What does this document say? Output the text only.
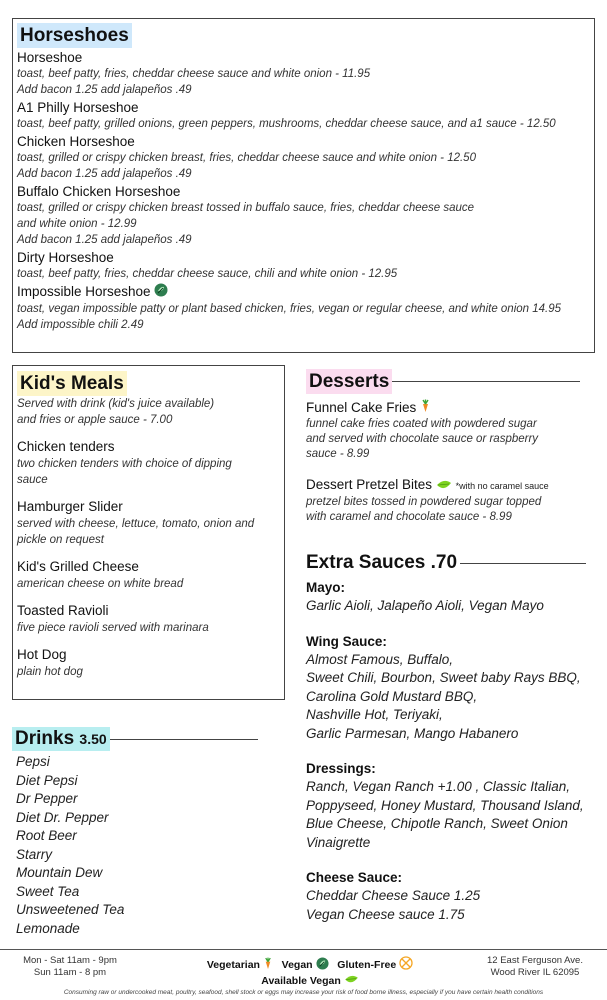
Horseshoes
Horseshoe
toast, beef patty, fries, cheddar cheese sauce and white onion - 11.95
Add bacon 1.25 add jalapeños .49
A1 Philly Horseshoe
toast, beef patty, grilled onions, green peppers, mushrooms, cheddar cheese sauce, and a1 sauce - 12.50
Chicken Horseshoe
toast, grilled or crispy chicken breast, fries, cheddar cheese sauce and white onion - 12.50
Add bacon 1.25 add jalapeños .49
Buffalo Chicken Horseshoe
toast, grilled or crispy chicken breast tossed in buffalo sauce, fries, cheddar cheese sauce
and white onion - 12.99
Add bacon 1.25 add jalapeños .49
Dirty Horseshoe
toast, beef patty, fries, cheddar cheese sauce, chili and white onion - 12.95
Impossible Horseshoe
toast, vegan impossible patty or plant based chicken, fries, vegan or regular cheese, and white onion 14.95
Add impossible chili 2.49
Kid's Meals
Served with drink (kid's juice available)
and fries or apple sauce - 7.00
Chicken tenders
two chicken tenders with choice of dipping
sauce
Hamburger Slider
served with cheese, lettuce, tomato, onion and
pickle on request
Kid's Grilled Cheese
american cheese on white bread
Toasted Ravioli
five piece ravioli served with marinara
Hot Dog
plain hot dog
Desserts
Funnel Cake Fries
funnel cake fries coated with powdered sugar
and served with chocolate sauce or raspberry
sauce - 8.99
Dessert Pretzel Bites	*with no caramel sauce
pretzel bites tossed in powdered sugar topped
with caramel and chocolate sauce - 8.99
Extra Sauces .70
Mayo:
Garlic Aioli, Jalapeño Aioli, Vegan Mayo
Wing Sauce:
Almost Famous, Buffalo,
Sweet Chili, Bourbon, Sweet baby Rays BBQ,
Carolina Gold Mustard BBQ,
Nashville Hot, Teriyaki,
Garlic Parmesan, Mango Habanero
Dressings:
Ranch, Vegan Ranch +1.00 , Classic Italian,
Poppyseed, Honey Mustard, Thousand Island,
Blue Cheese, Chipotle Ranch, Sweet Onion
Vinaigrette
Cheese Sauce:
Cheddar Cheese Sauce 1.25
Vegan Cheese sauce 1.75
Drinks 3.50
Pepsi
Diet Pepsi
Dr Pepper
Diet Dr. Pepper
Root Beer
Starry
Mountain Dew
Sweet Tea
Unsweetened Tea
Lemonade
Mon - Sat 11am - 9pm
Sun 11am - 8 pm
Vegetarian Vegan Gluten-Free
Available Vegan
12 East Ferguson Ave.
Wood River IL 62095
Consuming raw or undercooked meat, poultry, seafood, shell stock or eggs may increase your risk of food borne illness, especially if you have certain health conditions
